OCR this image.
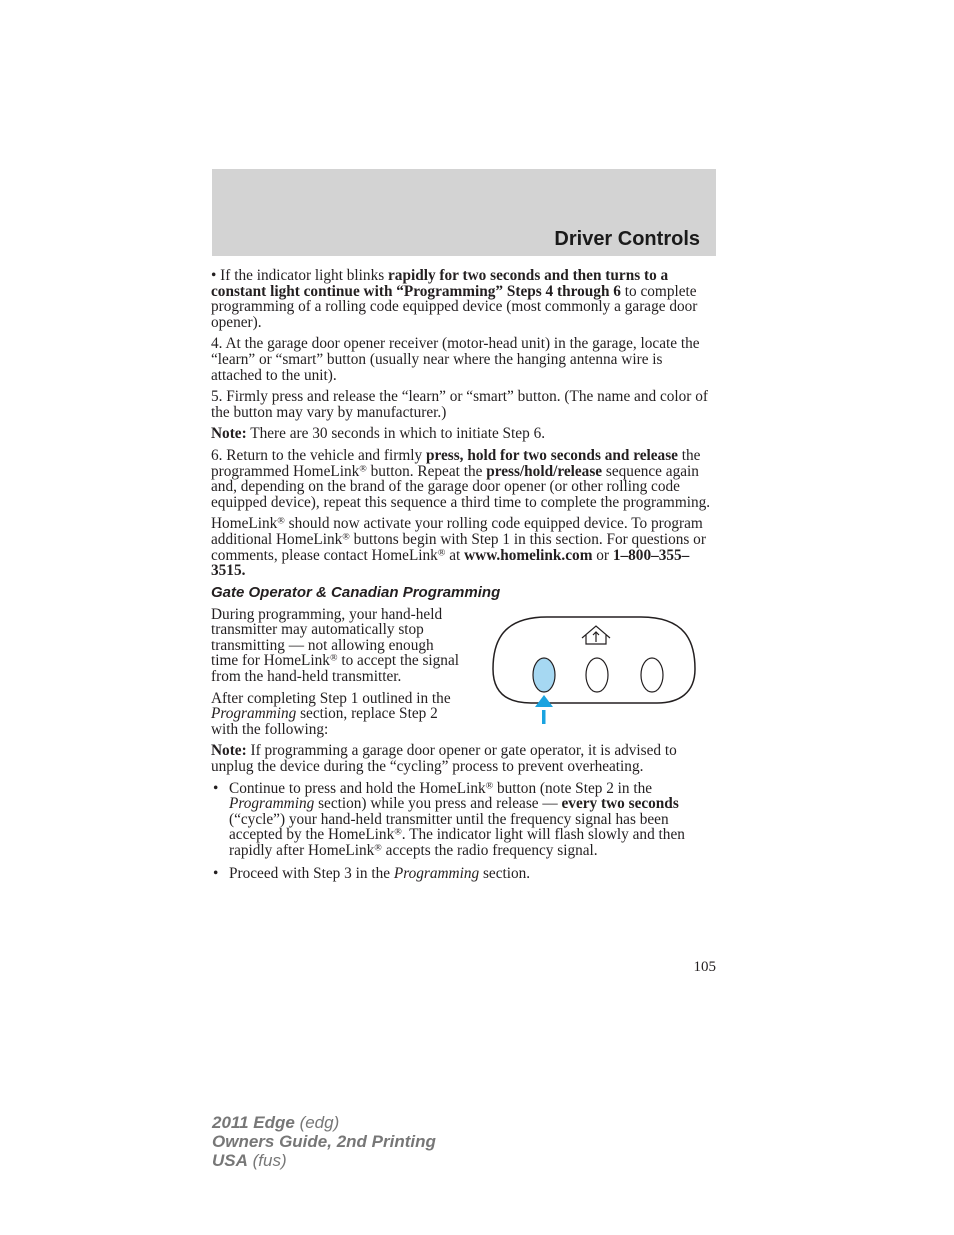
Driver Controls

• If the indicator light blinks rapidly for two seconds and then turns to a constant light continue with “Programming” Steps 4 through 6 to complete programming of a rolling code equipped device (most commonly a garage door opener).

4. At the garage door opener receiver (motor-head unit) in the garage, locate the “learn” or “smart” button (usually near where the hanging antenna wire is attached to the unit).

5. Firmly press and release the “learn” or “smart” button. (The name and color of the button may vary by manufacturer.)

Note: There are 30 seconds in which to initiate Step 6.

6. Return to the vehicle and firmly press, hold for two seconds and release the programmed HomeLink® button. Repeat the press/hold/release sequence again and, depending on the brand of the garage door opener (or other rolling code equipped device), repeat this sequence a third time to complete the programming.

HomeLink® should now activate your rolling code equipped device. To program additional HomeLink® buttons begin with Step 1 in this section. For questions or comments, please contact HomeLink® at www.homelink.com or 1–800–355–3515.

Gate Operator & Canadian Programming

During programming, your hand-held transmitter may automatically stop transmitting — not allowing enough time for HomeLink® to accept the signal from the hand-held transmitter.

After completing Step 1 outlined in the Programming section, replace Step 2 with the following:

Note: If programming a garage door opener or gate operator, it is advised to unplug the device during the “cycling” process to prevent overheating.

• Continue to press and hold the HomeLink® button (note Step 2 in the Programming section) while you press and release — every two seconds (“cycle”) your hand-held transmitter until the frequency signal has been accepted by the HomeLink®. The indicator light will flash slowly and then rapidly after HomeLink® accepts the radio frequency signal.
• Proceed with Step 3 in the Programming section.
105
2011 Edge (edg)
Owners Guide, 2nd Printing
USA (fus)
